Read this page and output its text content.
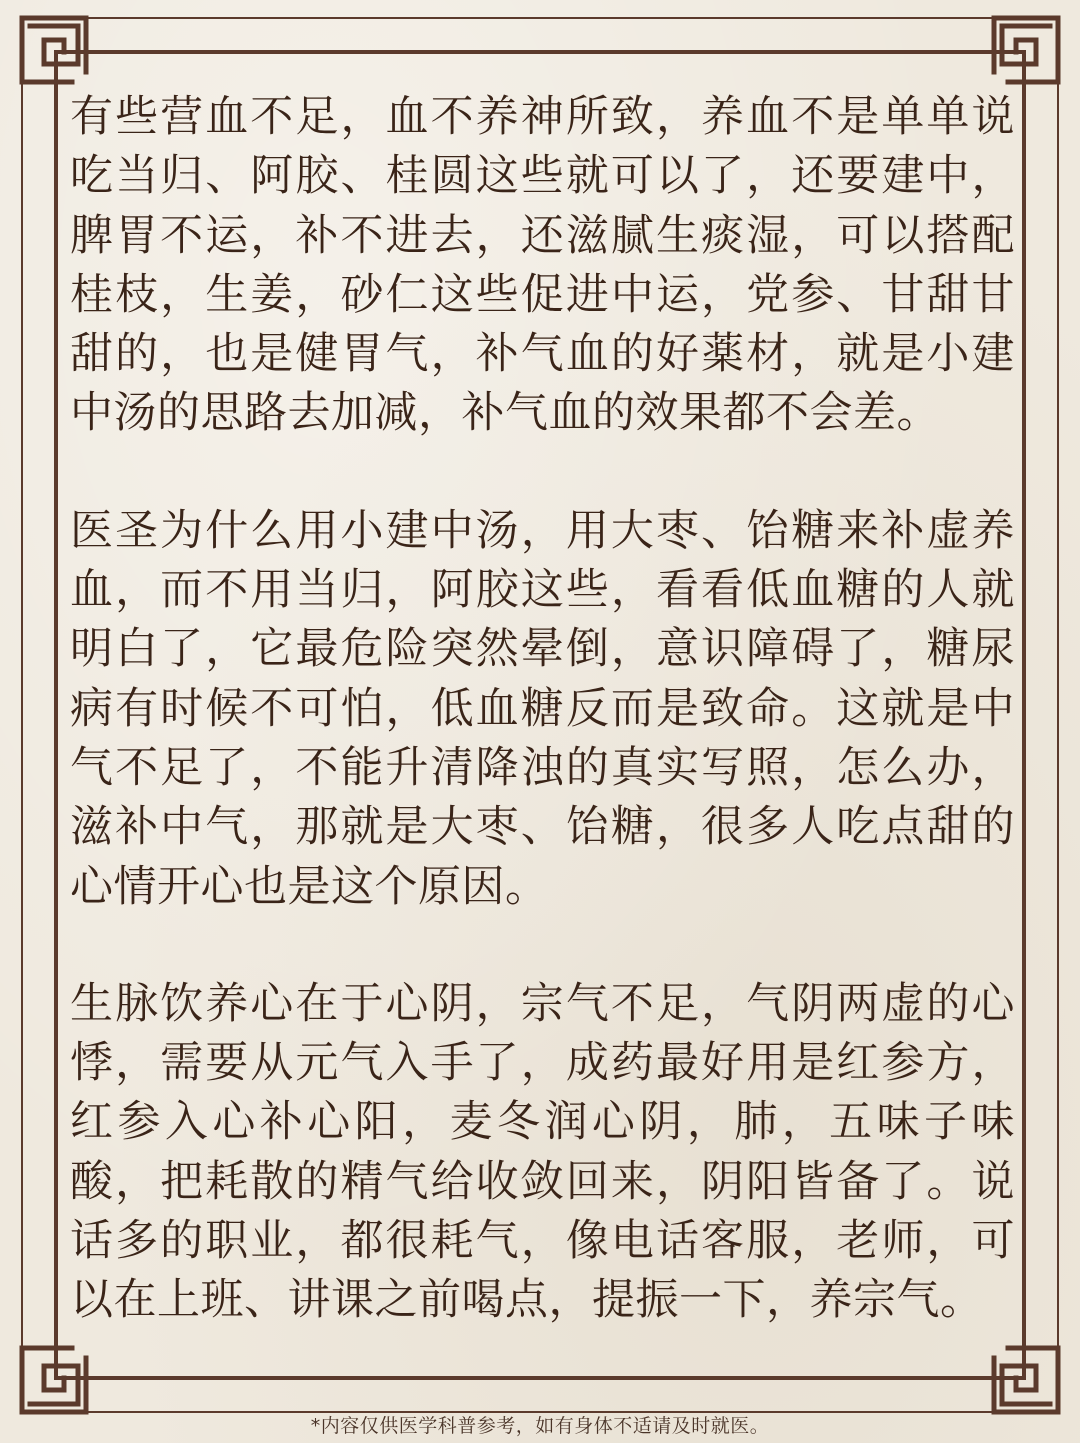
有些营血不足，血不养神所致，养血不是单单说吃当归、阿胶、桂圆这些就可以了，还要建中，脾胃不运，补不进去，还滋腻生痰湿，可以搭配桂枝，生姜，砂仁这些促进中运，党参、甘甜甘甜的，也是健胃气，补气血的好薬材，就是小建中汤的思路去加减，补气血的效果都不会差。

医圣为什么用小建中汤，用大枣、饴糖来补虚养血，而不用当归，阿胶这些，看看低血糖的人就明白了，它最危险突然晕倒，意识障碍了，糖尿病有时候不可怕，低血糖反而是致命。这就是中气不足了，不能升清降浊的真实写照，怎么办，滋补中气，那就是大枣、饴糖，很多人吃点甜的心情开心也是这个原因。

生脉饮养心在于心阴，宗气不足，气阴两虚的心悸，需要从元气入手了，成药最好用是红参方，红参入心补心阳，麦冬润心阴，肺，五味子味酸，把耗散的精气给收敛回来，阴阳皆备了。说话多的职业，都很耗气，像电话客服，老师，可以在上班、讲课之前喝点，提振一下，养宗气。

*内容仅供医学科普参考，如有身体不适请及时就医。
